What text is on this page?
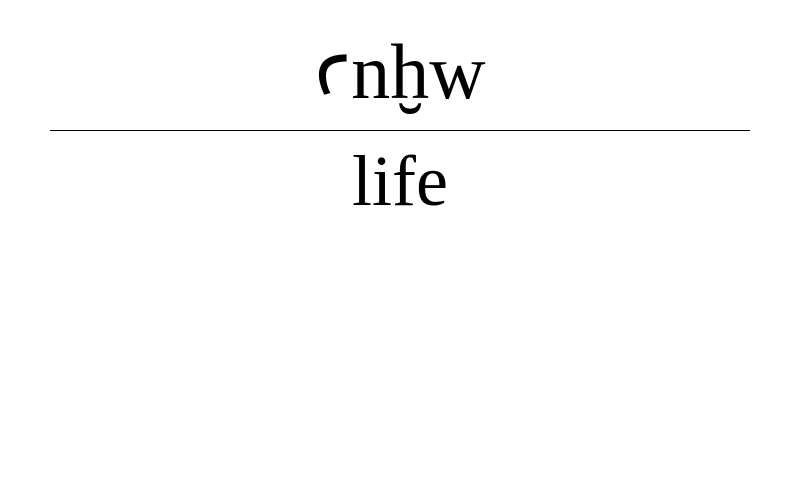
ꜥnḫw
life
